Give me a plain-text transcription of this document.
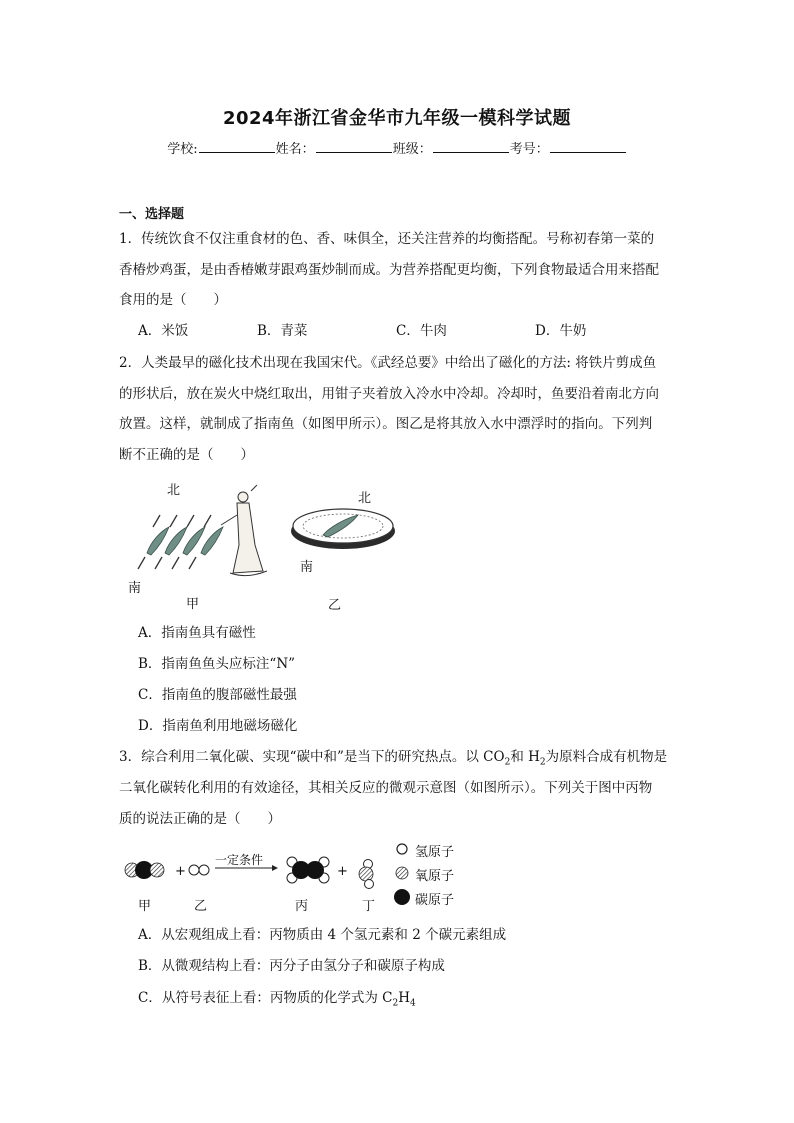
2024年浙江省金华市九年级一模科学试题
学校:	姓名：	班级：	考号：
一、选择题
1．传统饮食不仅注重食材的色、香、味俱全，还关注营养的均衡搭配。号称初春第一菜的
香椿炒鸡蛋，是由香椿嫩芽跟鸡蛋炒制而成。为营养搭配更均衡，下列食物最适合用来搭配
食用的是（　　）
A．米饭	B．青菜	C．牛肉	D．牛奶
2．人类最早的磁化技术出现在我国宋代。《武经总要》中给出了磁化的方法: 将铁片剪成鱼
的形状后，放在炭火中烧红取出，用钳子夹着放入冷水中冷却。冷却时，鱼要沿着南北方向
放置。这样，就制成了指南鱼（如图甲所示）。图乙是将其放入水中漂浮时的指向。下列判
断不正确的是（　　）
北
南
甲
北
南
乙
A．指南鱼具有磁性
B．指南鱼鱼头应标注“N”
C．指南鱼的腹部磁性最强
D．指南鱼利用地磁场磁化
3．综合利用二氧化碳、实现“碳中和”是当下的研究热点。以 $CO_2$和 $H_2$为原料合成有机物是
二氧化碳转化利用的有效途径，其相关反应的微观示意图（如图所示）。下列关于图中丙物
质的说法正确的是（　　）
一定条件
+	+
甲	乙	丙	丁
氢原子
氧原子
碳原子
A．从宏观组成上看：丙物质由 4 个氢元素和 2 个碳元素组成
B．从微观结构上看：丙分子由氢分子和碳原子构成
C．从符号表征上看：丙物质的化学式为 $C_2H_4$
